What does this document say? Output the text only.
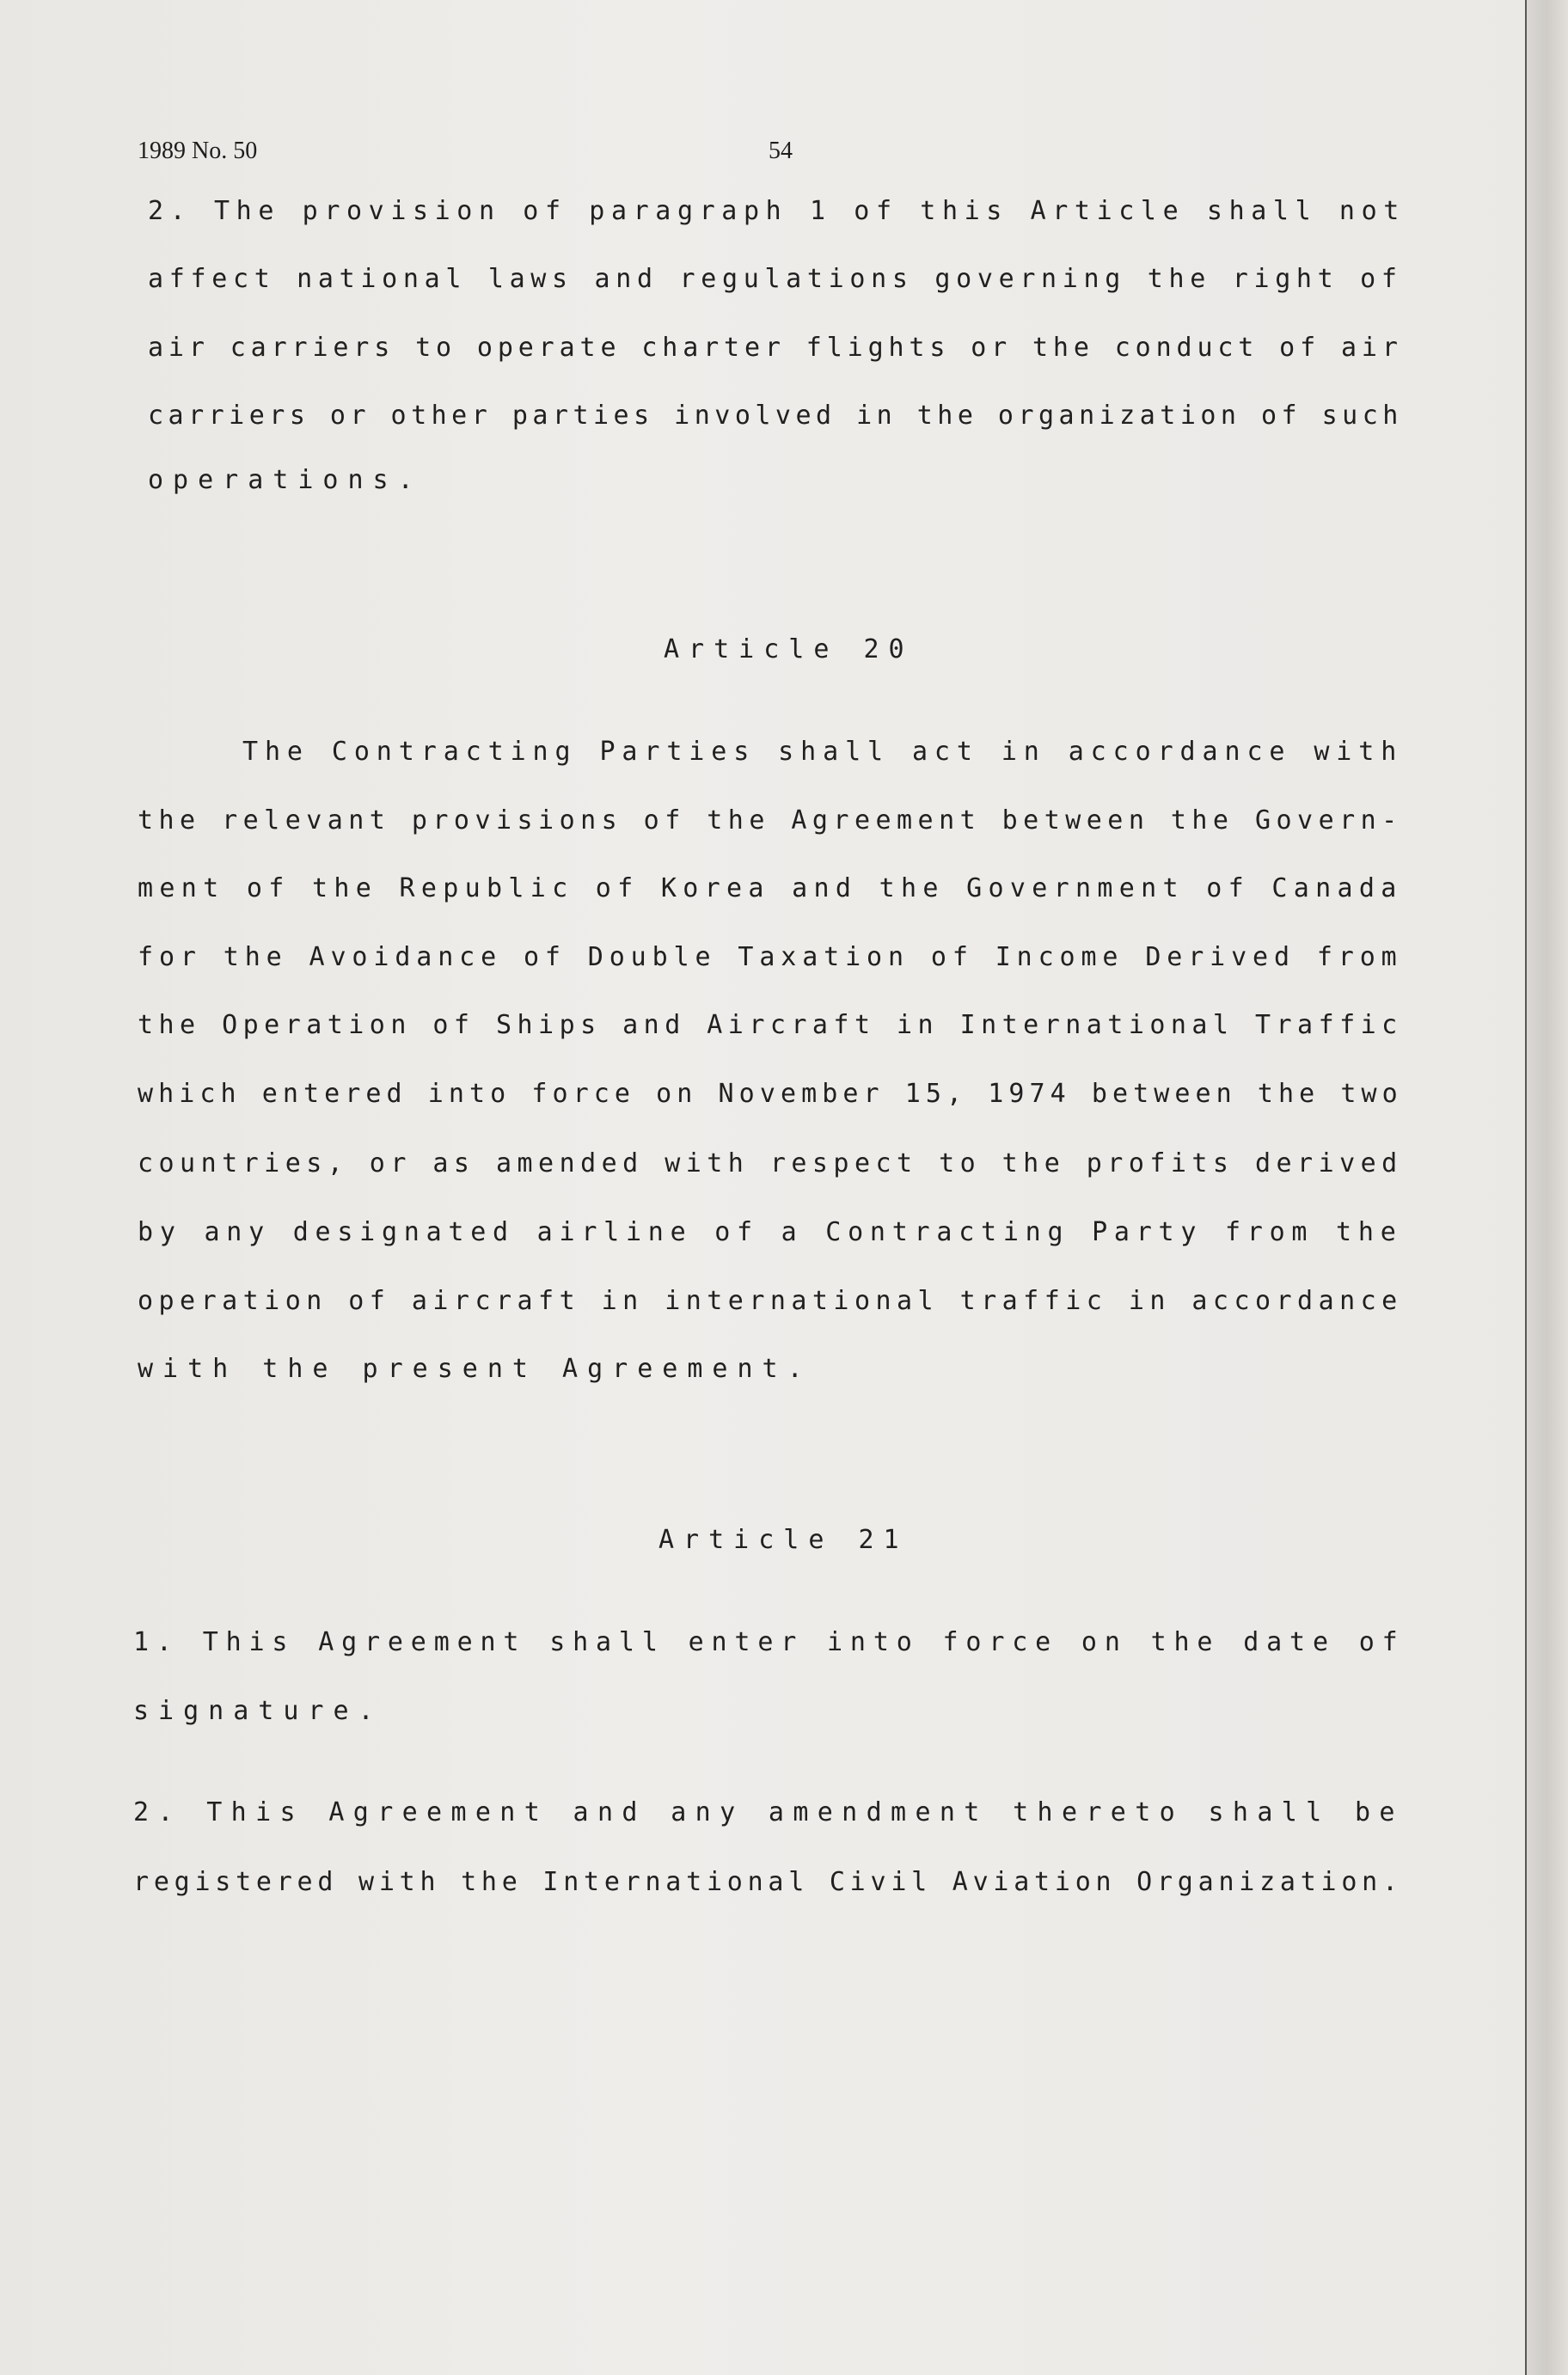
1989 No. 50	54
2. The provision of paragraph 1 of this Article shall not
affect national laws and regulations governing the right of
air carriers to operate charter flights or the conduct of air
carriers or other parties involved in the organization of such
operations.
Article 20
The Contracting Parties shall act in accordance with
the relevant provisions of the Agreement between the Govern-
ment of the Republic of Korea and the Government of Canada
for the Avoidance of Double Taxation of Income Derived from
the Operation of Ships and Aircraft in International Traffic
which entered into force on November 15, 1974 between the two
countries, or as amended with respect to the profits derived
by any designated airline of a Contracting Party from the
operation of aircraft in international traffic in accordance
with the present Agreement.
Article 21
1. This Agreement shall enter into force on the date of
signature.
2. This Agreement and any amendment thereto shall be
registered with the International Civil Aviation Organization.
